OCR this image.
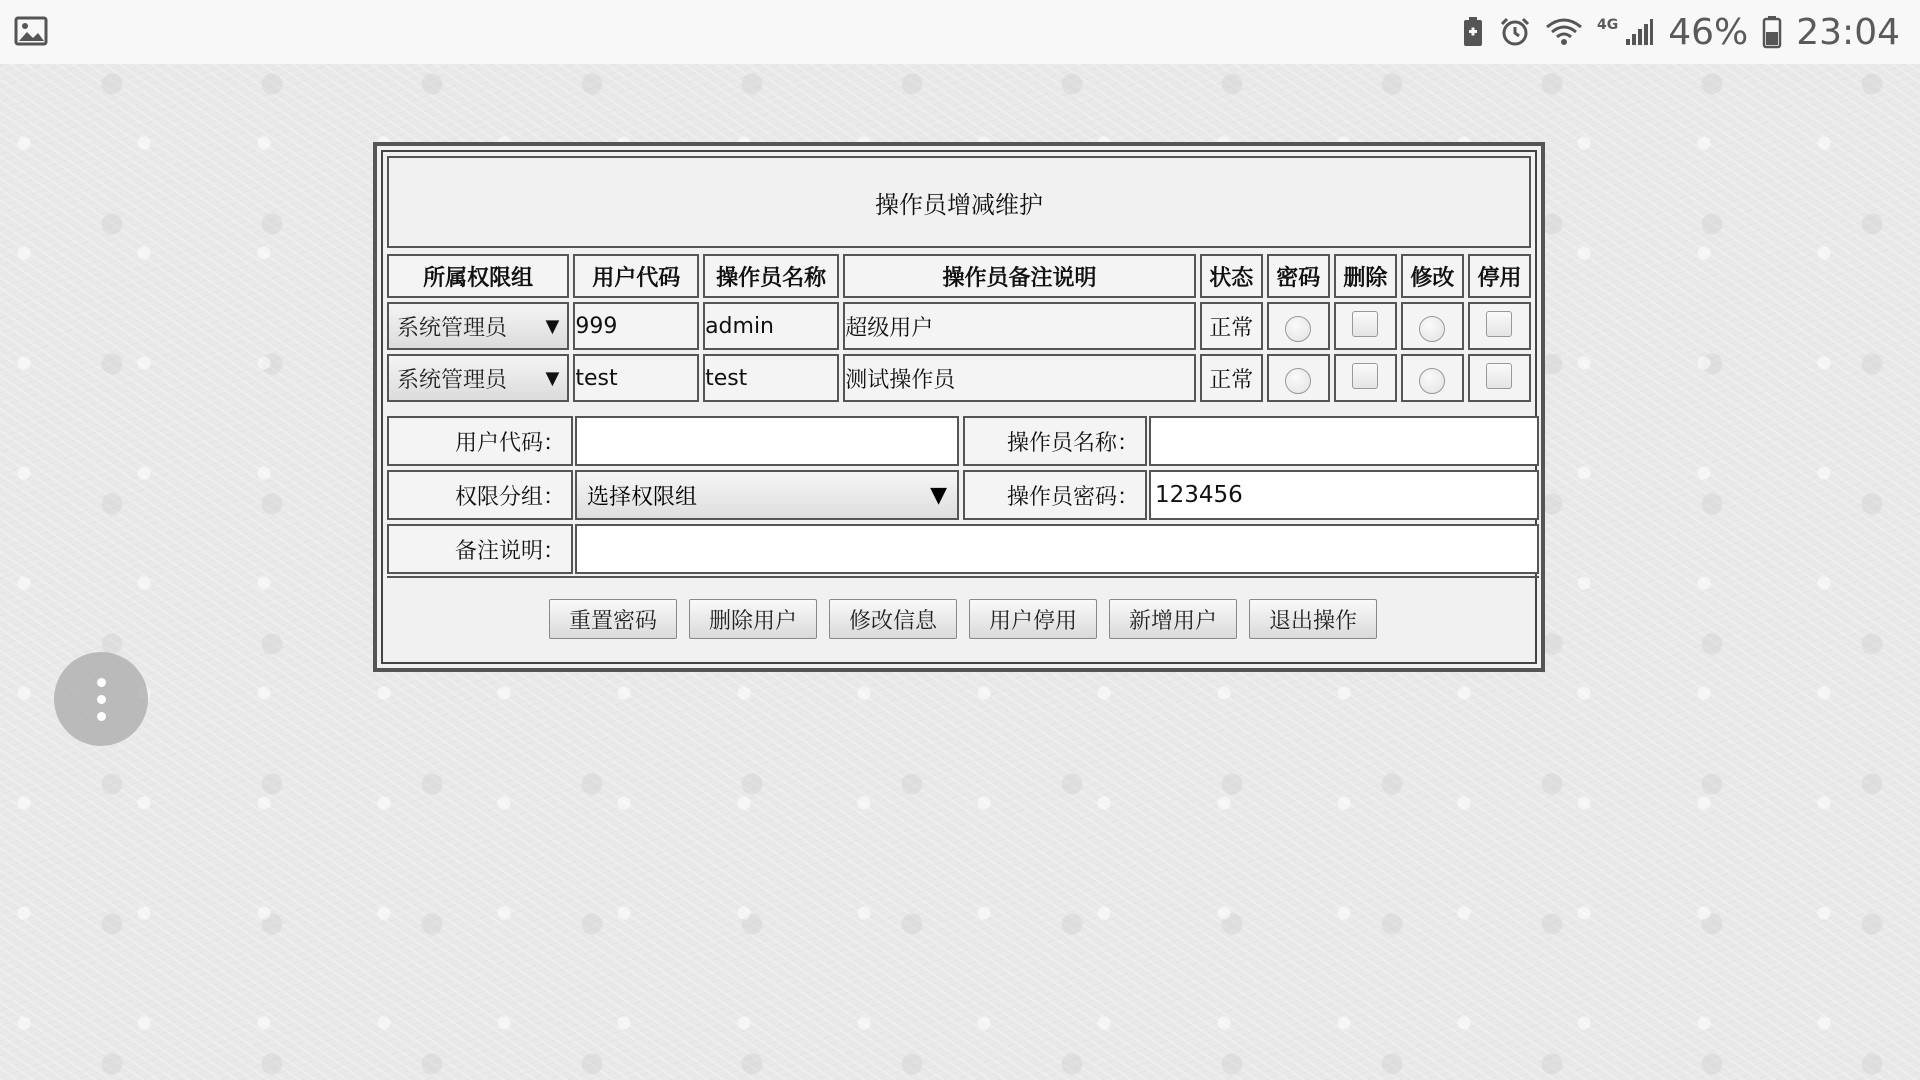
4G 46% 23:04
操作员增减维护
所属权限组	用户代码	操作员名称	操作员备注说明	状态	密码	删除	修改	停用

系统管理员 ▼	999	admin	超级用户	正常				

系统管理员 ▼	test	test	测试操作员	正常				
用户代码：	操作员名称：
权限分组：	选择权限组	▼	操作员密码： 123456
备注说明：
重置密码	删除用户	修改信息	用户停用	新增用户	退出操作
